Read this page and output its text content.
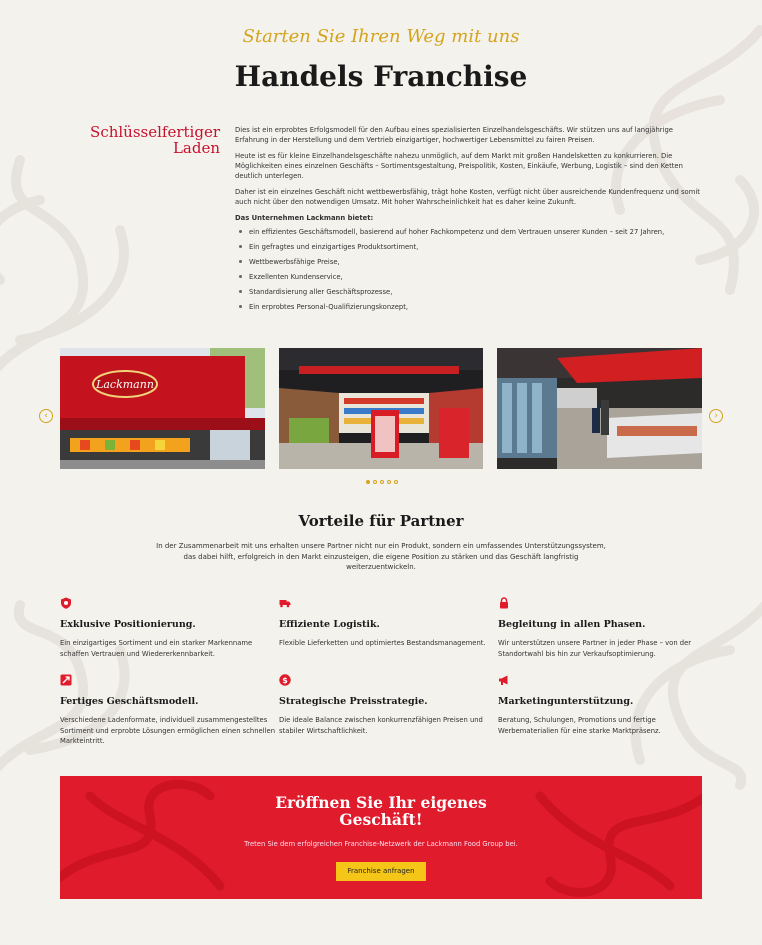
Starten Sie Ihren Weg mit uns
Handels Franchise
Schlüsselfertiger
Laden

Dies ist ein erprobtes Erfolgsmodell für den Aufbau eines spezialisierten Einzelhandelsgeschäfts. Wir stützen uns auf langjährige Erfahrung in der Herstellung und dem Vertrieb einzigartiger, hochwertiger Lebensmittel zu fairen Preisen.

Heute ist es für kleine Einzelhandelsgeschäfte nahezu unmöglich, auf dem Markt mit großen Handelsketten zu konkurrieren. Die Möglichkeiten eines einzelnen Geschäfts – Sortimentsgestaltung, Preispolitik, Kosten, Einkäufe, Werbung, Logistik – sind den Ketten deutlich unterlegen.

Daher ist ein einzelnes Geschäft nicht wettbewerbsfähig, trägt hohe Kosten, verfügt nicht über ausreichende Kundenfrequenz und somit auch nicht über den notwendigen Umsatz. Mit hoher Wahrscheinlichkeit hat es daher keine Zukunft.

Das Unternehmen Lackmann bietet:

ein effizientes Geschäftsmodell, basierend auf hoher Fachkompetenz und dem Vertrauen unserer Kunden – seit 27 Jahren,
Ein gefragtes und einzigartiges Produktsortiment,
Wettbewerbsfähige Preise,
Exzellenten Kundenservice,
Standardisierung aller Geschäftsprozesse,
Ein erprobtes Personal-Qualifizierungskonzept,
‹	›
Lackmann
Vorteile für Partner
In der Zusammenarbeit mit uns erhalten unsere Partner nicht nur ein Produkt, sondern ein umfassendes Unterstützungssystem, das dabei hilft, erfolgreich in den Markt einzusteigen, die eigene Position zu stärken und das Geschäft langfristig weiterzuentwickeln.
Exklusive Positionierung.
Ein einzigartiges Sortiment und ein starker Markenname schaffen Vertrauen und Wiedererkennbarkeit.
Effiziente Logistik.
Flexible Lieferketten und optimiertes Bestandsmanagement.
Begleitung in allen Phasen.
Wir unterstützen unsere Partner in jeder Phase – von der Standortwahl bis hin zur Verkaufsoptimierung.
Fertiges Geschäftsmodell.
Verschiedene Ladenformate, individuell zusammengestelltes Sortiment und erprobte Lösungen ermöglichen einen schnellen Markteintritt.
$
Strategische Preisstrategie.
Die ideale Balance zwischen konkurrenzfähigen Preisen und stabiler Wirtschaftlichkeit.
Marketingunterstützung.
Beratung, Schulungen, Promotions und fertige Werbematerialien für eine starke Marktpräsenz.
Eröffnen Sie Ihr eigenes
Geschäft!
Treten Sie dem erfolgreichen Franchise-Netzwerk der Lackmann Food Group bei.
Franchise anfragen
